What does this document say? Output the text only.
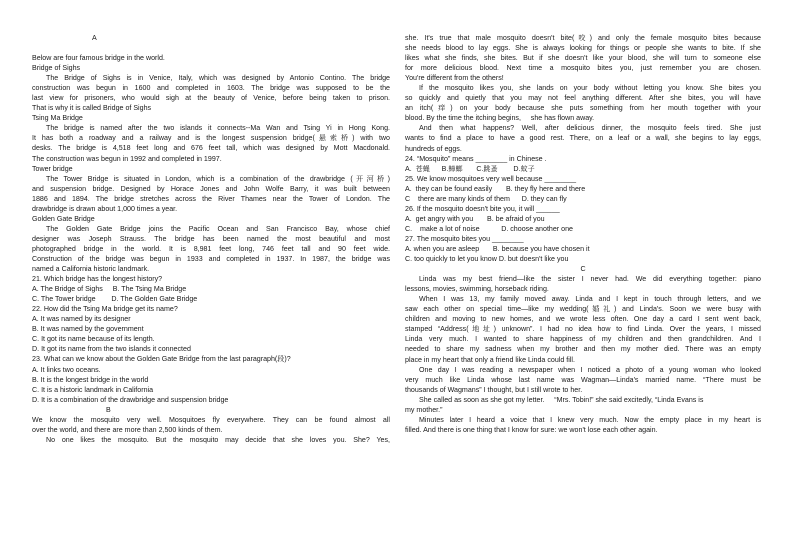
A
Below are four famous bridge in the world.
Bridge of Sighs
The Bridge of Sighs is in Venice, Italy, which was designed by Antonio Contino. The bridge
construction was begun in 1600 and completed in 1603. The bridge was supposed to be the
last view for prisoners, who would sigh at the beauty of Venice, before being taken to prison.
That is why it is called Bridge of Sighs
Tsing Ma Bridge
The bridge is named after the two islands it connects--Ma Wan and Tsing Yi in Hong Kong.
It has both a roadway and a railway and is the longest suspension bridge(悬索桥) with two
desks. The bridge is 4,518 feet long and 676 feet tall, which was designed by Mott Macdonald.
The construction was begun in 1992 and completed in 1997.
Tower bridge
The Tower Bridge is situated in London, which is a combination of the drawbridge (开河桥)
and suspension bridge. Designed by Horace Jones and John Wolfe Barry, it was built between
1886 and 1894. The bridge stretches across the River Thames near the Tower of London. The
drawbridge is drawn about 1,000 times a year.
Golden Gate Bridge
The Golden Gate Bridge joins the Pacific Ocean and San Francisco Bay, whose chief
designer was Joseph Strauss. The bridge has been named the most beautiful and most
photographed bridge in the world. It is 8,981 feet long, 746 feet tall and 90 feet wide.
Construction of the bridge was begun in 1933 and completed in 1937. In 1987, the bridge was
named a California historic landmark.
21. Which bridge has the longest history?
A. The Bridge of Sighs     B. The Tsing Ma Bridge
C. The Tower bridge        D. The Golden Gate Bridge
22. How did the Tsing Ma bridge get its name?
A. It was named by its designer
B. It was named by the government
C. It got its name because of its length.
D. It got its name from the two islands it connected
23. What can we know about the Golden Gate Bridge from the last paragraph(段)?
A. It links two oceans.
B. It is the longest bridge in the world
C. It is a historic landmark in California
D. It is a combination of the drawbridge and suspension bridge
B
We know the mosquito very well. Mosquitoes fly everywhere. They can be found almost all
over the world, and there are more than 2,500 kinds of them.
No one likes the mosquito. But the mosquito may decide that she loves you. She? Yes,
she. It's true that male mosquito doesn't bite(咬) and only the female mosquito bites because
she needs blood to lay eggs. She is always looking for things or people she wants to bite. If she
likes what she finds, she bites. But if she doesn't like your blood, she will turn to someone else
for more delicious blood. Next time a mosquito bites you, just remember you are chosen.
You're different from the others!
If the mosquito likes you, she lands on your body without letting you know. She bites you
so quickly and quietly that you may not feel anything different. After she bites, you will have
an itch(痒) on your body because she puts something from her mouth together with your
blood. By the time the itching begins,     she has flown away.
And then what happens? Well, after delicious dinner, the mosquito feels tired. She just
wants to find a place to have a good rest. There, on a leaf or a wall, she begins to lay eggs,
hundreds of eggs.
24. “Mosquito” means ________ in Chinese .
A.  苍蝇      B.蟑螂       C.跳蚤        D.蚊子
25. We know mosquitoes very well because ________
A.  they can be found easily       B. they fly here and there
C    there are many kinds of them      D. they can fly
26. If the mosquito doesn't bite you, it will ______
A.  get angry with you       B. be afraid of you
C.    make a lot of noise           D. choose another one
27. The mosquito bites you ________
A. when you are asleep       B. because you have chosen it
C. too quickly to let you know D. but doesn't like you
C
Linda was my best friend—like the sister I never had. We did everything together: piano
lessons, movies, swimming, horseback riding.
When I was 13, my family moved away. Linda and I kept in touch through letters, and we
saw each other on special time—like my wedding(婚礼) and Linda's. Soon we were busy with
children and moving to new homes, and we wrote less often. One day a card I sent went back,
stamped “Address(地址) unknown”. I had no idea how to find Linda. Over the years, I missed
Linda very much. I wanted to share happiness of my children and then grandchildren. And I
needed to share my sadness when my brother and then my mother died. There was an empty
place in my heart that only a friend like Linda could fill.
One day I was reading a newspaper when I noticed a photo of a young woman who looked
very much like Linda whose last name was Wagman—Linda's married name. “There must be
thousands of Wagmans” I thought, but I still wrote to her.
She called as soon as she got my letter.     “Mrs. Tobin!” she said excitedly, “Linda Evans is
my mother.”
Minutes later I heard a voice that I knew very much. Now the empty place in my heart is
filled. And there is one thing that I know for sure: we won't lose each other again.
